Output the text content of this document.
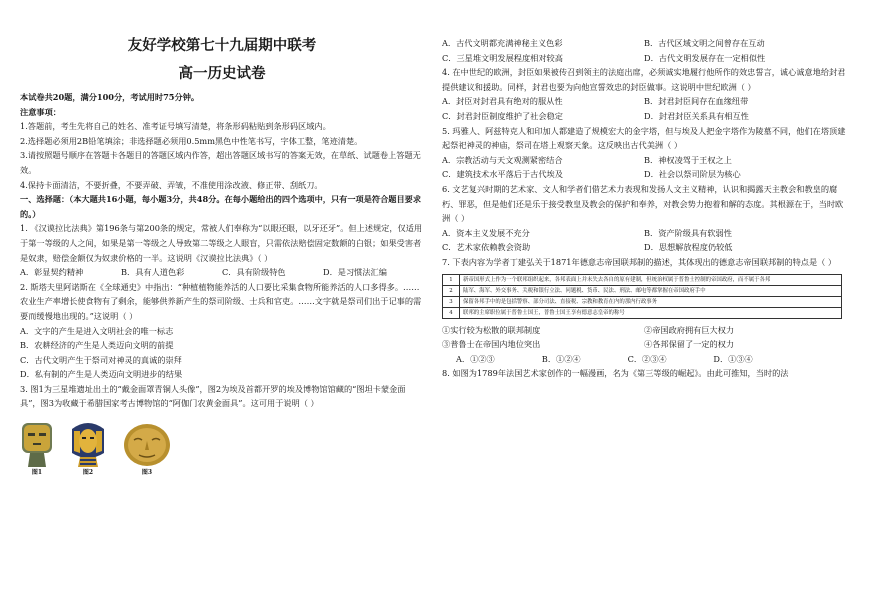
友好学校第七十九届期中联考
高一历史试卷

本试卷共20题，满分100分，考试用时75分钟。

注意事项：

1.答题前，考生先将自己的姓名、准考证号填写清楚，将条形码粘贴到条形码区域内。

2.选择题必须用2B铅笔填涂；非选择题必须用0.5mm黑色中性笔书写，字体工整，笔迹清楚。

3.请按照题号顺序在答题卡各题目的答题区域内作答，超出答题区域书写的答案无效，在草纸、试题卷上答题无效。

4.保持卡面清洁，不要折叠，不要弄破、弄皱，不准使用涂改液、修正带、刮纸刀。

一、选择题：（本大题共16小题，每小题3分，共48分。在每小题给出的四个选项中，只有一项是符合题目要求的。）

1. 《汉谟拉比法典》第196条与第200条的规定，常被人们奉称为“以眼还眼，以牙还牙”。但上述规定，仅适用于第一等级的人之间，如果是第一等级之人导致第二等级之人眼盲，只需依法赔偿固定数额的白银；如果受害者是奴隶，赔偿金额仅为奴隶价格的一半。这说明《汉谟拉比法典》（ ）

A．彰显契约精神	B．具有人道色彩	C．具有阶级特色	D．是习惯法汇编

2. 斯塔夫里阿诺斯在《全球通史》中指出：“种植植物能养活的人口要比采集食物所能养活的人口多得多。……农业生产率增长使食物有了剩余，能够供养新产生的祭司阶级、士兵和官吏。……文字就是祭司们出于记事的需要而缓慢地出现的。”这说明（ ）

A．文字的产生是进入文明社会的唯一标志

B．农耕经济的产生是人类迈向文明的前提

C．古代文明产生于祭司对神灵的真诚的崇拜

D．私有制的产生是人类迈向文明进步的结果

3. 图1为三星堆遗址出土的“戴金面罩青铜人头像”，图2为埃及首都开罗的埃及博物馆馆藏的“图坦卡蒙金面具”，图3为收藏于希腊国家考古博物馆的“阿伽门农黄金面具”。这可用于说明（ ）

图1	图2	图3
A．古代文明都充满神秘主义色彩	B．古代区域文明之间曾存在互动
C．三星堆文明发展程度相对较高	D．古代文明发展存在一定相似性

4. 在中世纪的欧洲，封臣如果被传召到领主的法庭出席，必须诚实地履行他所作的效忠誓言，诚心诚意地给封君提供建议和援助。同样，封君也要为向他宣誓效忠的封臣做事。这说明中世纪欧洲（ ）

A．封臣对封君具有绝对的服从性	B．封君封臣间存在血缘纽带
C．封君封臣制度维护了社会稳定	D．封君封臣关系具有相互性

5. 玛雅人、阿兹特克人和印加人都建造了规模宏大的金字塔，但与埃及人把金字塔作为陵墓不同，他们在塔顶建起祭祀神灵的神庙，祭司在塔上观察天象。这反映出古代美洲（ ）

A．宗教活动与天文观测紧密结合	B．神权凌驾于王权之上
C．建筑技术水平落后于古代埃及	D．社会以祭司阶层为核心

6. 文艺复兴时期的艺术家、文人和学者们借艺术力表现和发扬人文主义精神，认识和揭露天主教会和教皇的腐朽、罪恶，但是他们还是乐于接受教皇及教会的保护和奉养，对教会势力抱着和解的态度。其根源在于，当时欧洲（ ）

A．资本主义发展不充分	B．资产阶级具有软弱性
C．艺术家依赖教会资助	D．思想解放程度仍较低

7. 下表内容为学者丁建弘关于1871年德意志帝国联邦制的描述，其体现出的德意志帝国联邦制的特点是（ ）

1	新帝国形式上作为一个联邦组织起来，各邦表面上并未失去各自的原有建制，但统治权属于普鲁士控制的帝国政府，而不属于各邦
2	陆军、海军、外交事务、关税和银行立法、问题税、货币、民法、刑法、邮电等都掌握在帝国政府手中
3	保留各邦手中的是包括警察、部分司法、直接税、宗教和教育在内的那内行政事务
4	联邦的主席职位属于普鲁士国王，普鲁士国王享有德意志皇帝的称号
①实行较为松散的联邦制度	②帝国政府拥有巨大权力
③普鲁士在帝国内地位突出	④各邦保留了一定的权力
A．①②③	B．①②④	C．②③④	D．①③④

8. 如图为1789年法国艺术家创作的一幅漫画，名为《第三等级的崛起》。由此可推知，当时的法
